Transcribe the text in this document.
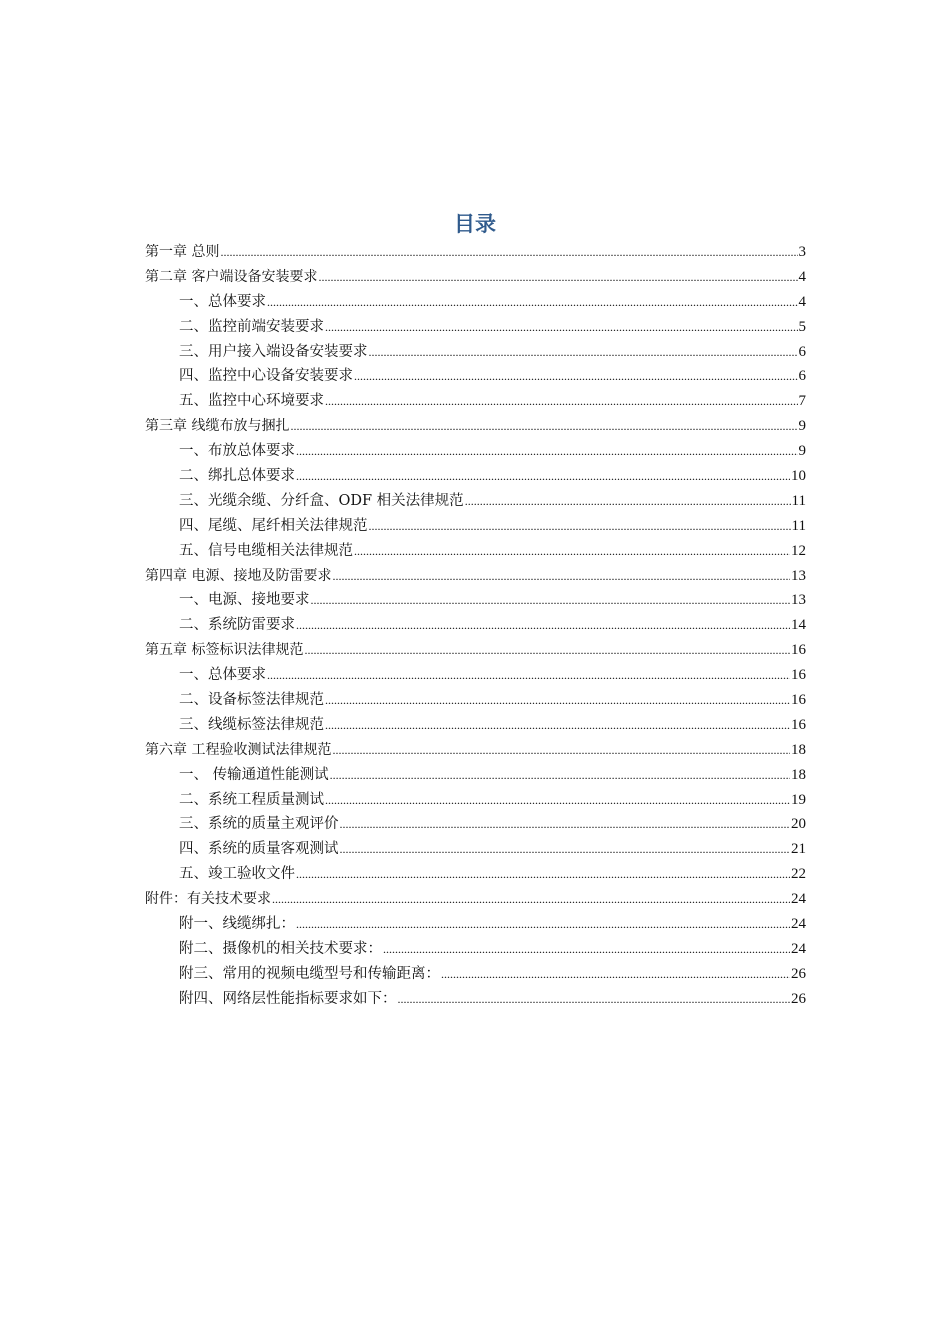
目录
第一章 总则 .....	3
第二章 客户端设备安装要求 .....	4
一、总体要求 .....	4
二、监控前端安装要求 .....	5
三、用户接入端设备安装要求 .....	6
四、监控中心设备安装要求 .....	6
五、监控中心环境要求 .....	7
第三章 线缆布放与捆扎 .....	9
一、布放总体要求 .....	9
二、绑扎总体要求 .....	10
三、光缆余缆、分纤盒、ODF 相关法律规范 .....	11
四、尾缆、尾纤相关法律规范 .....	11
五、信号电缆相关法律规范 .....	12
第四章 电源、接地及防雷要求 .....	13
一、电源、接地要求 .....	13
二、系统防雷要求 .....	14
第五章 标签标识法律规范 .....	16
一、总体要求 .....	16
二、设备标签法律规范 .....	16
三、线缆标签法律规范 .....	16
第六章 工程验收测试法律规范 .....	18
一、 传输通道性能测试 .....	18
二、系统工程质量测试 .....	19
三、系统的质量主观评价 .....	20
四、系统的质量客观测试 .....	21
五、竣工验收文件 .....	22
附件：有关技术要求 .....	24
附一、线缆绑扎： .....	24
附二、摄像机的相关技术要求： .....	24
附三、常用的视频电缆型号和传输距离： .....	26
附四、网络层性能指标要求如下： .....	26
